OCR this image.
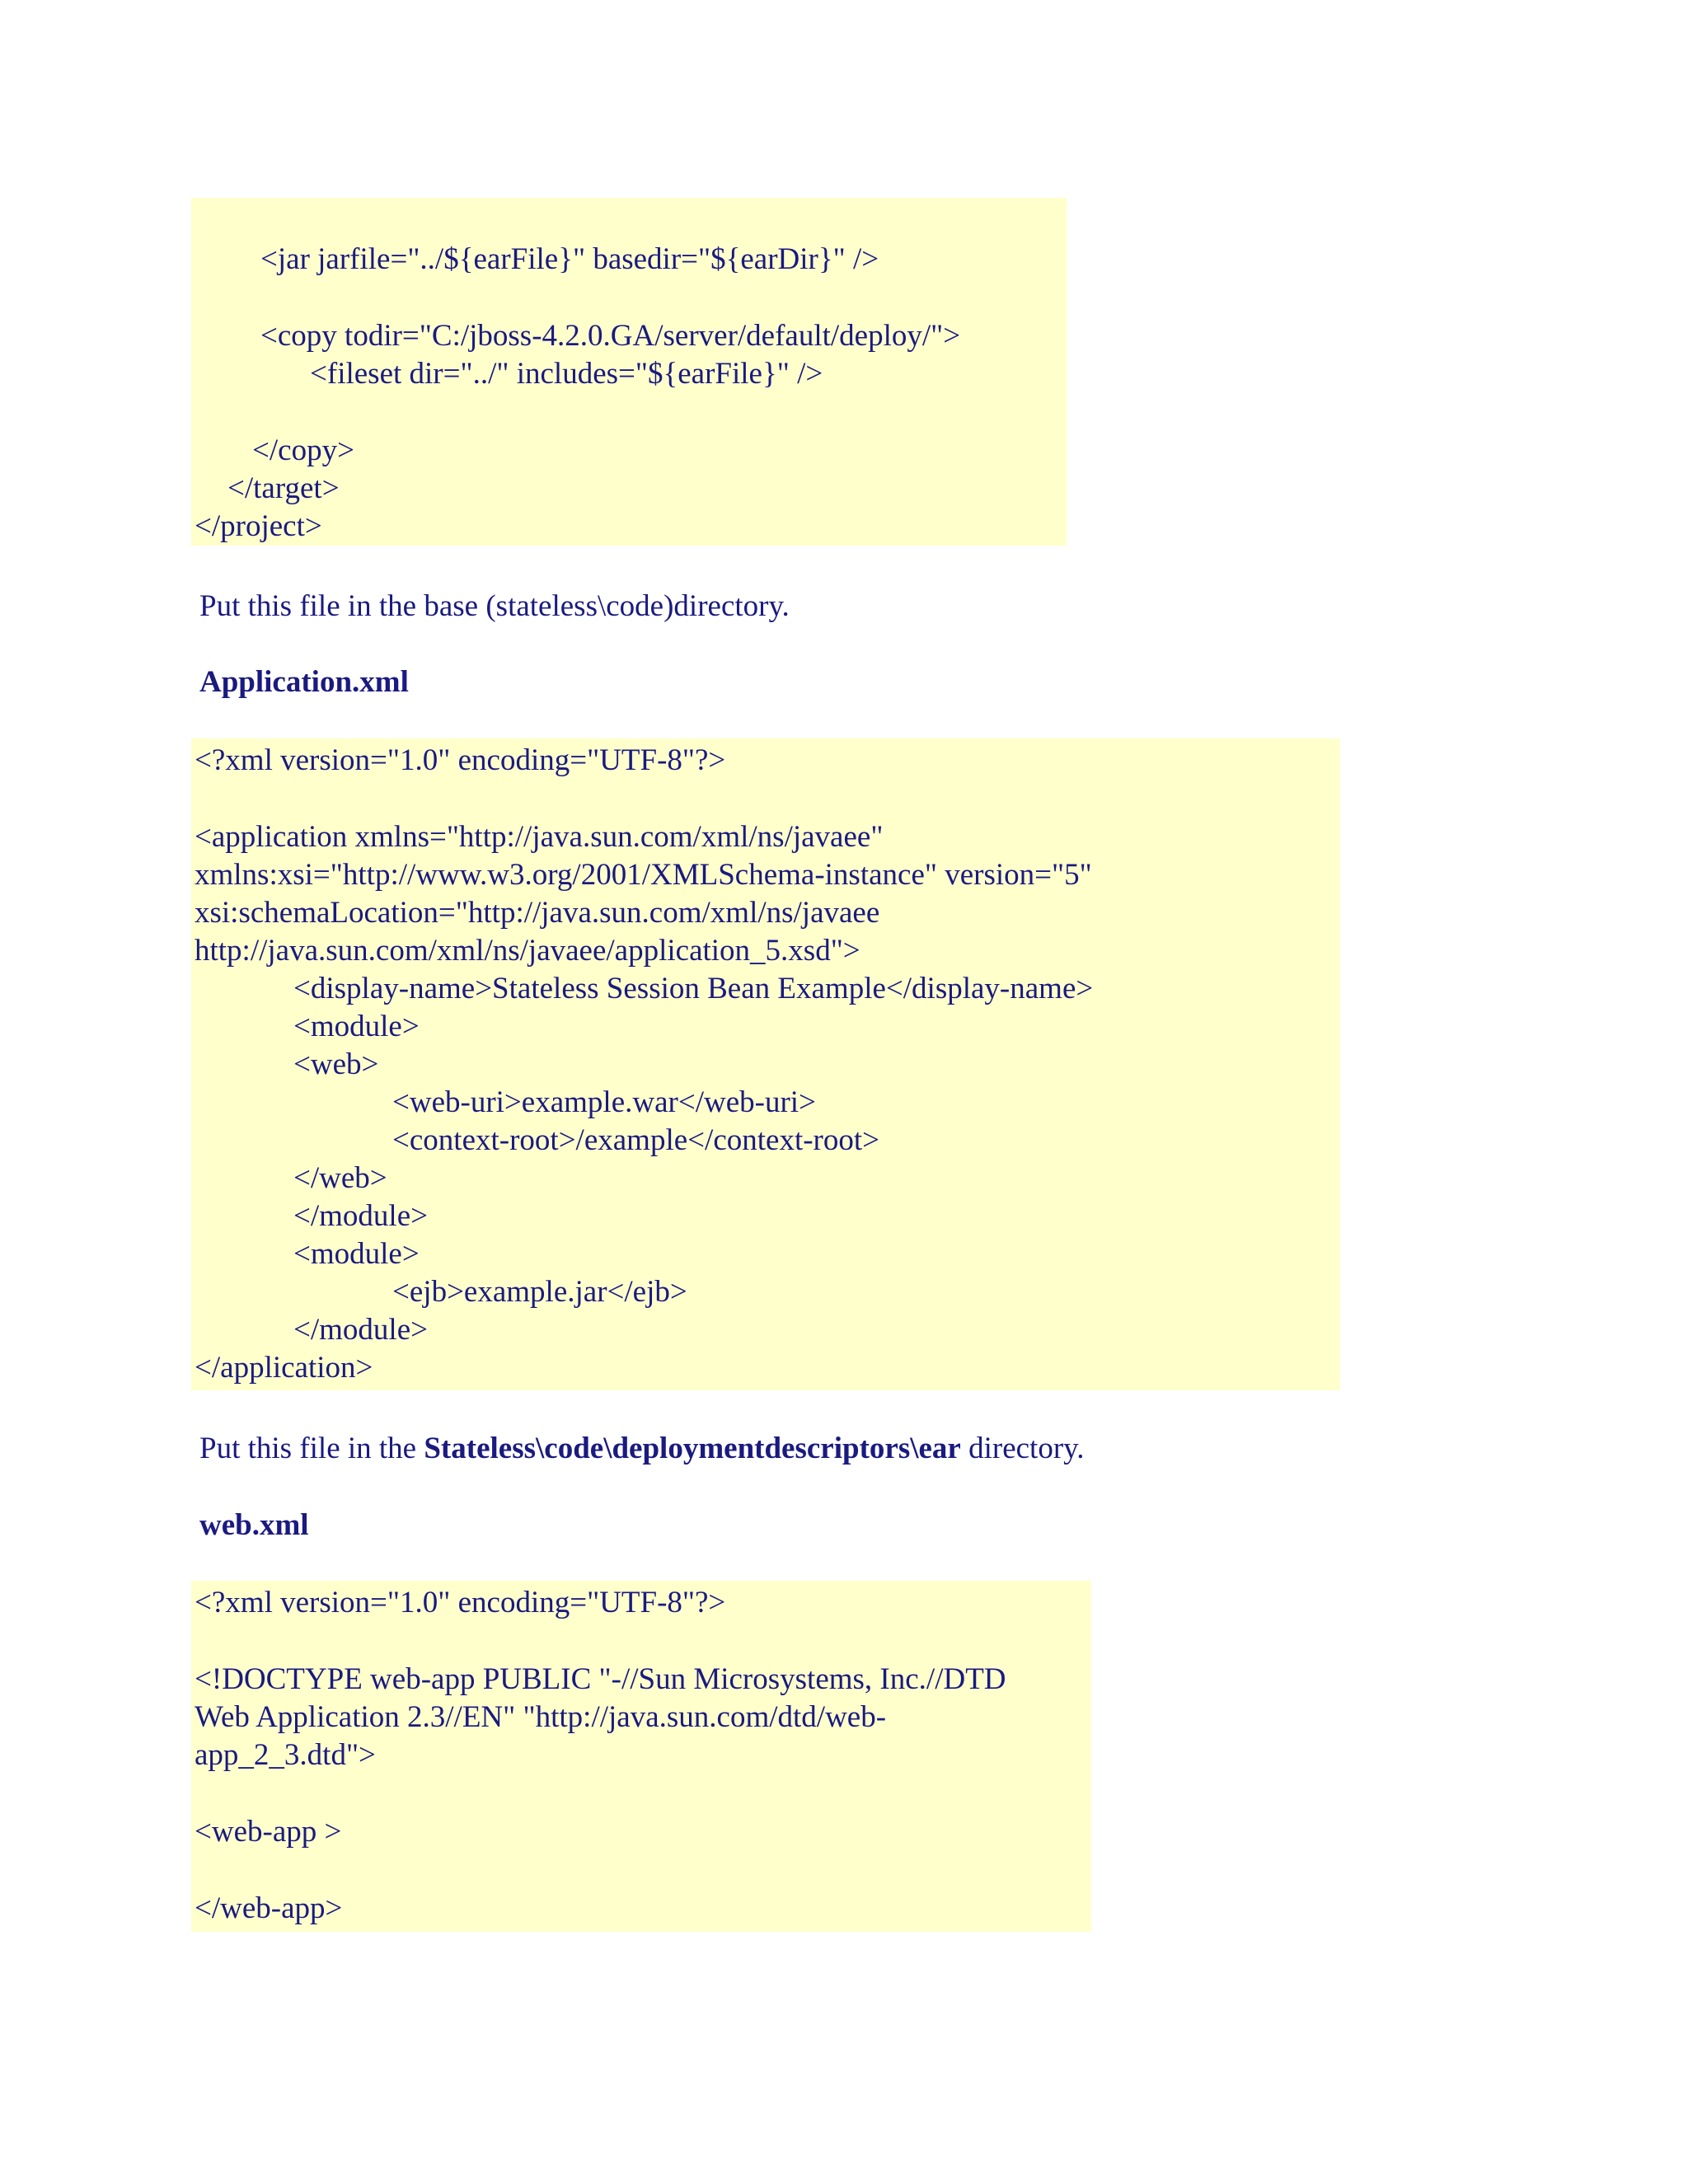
<jar jarfile="../${earFile}" basedir="${earDir}" />
<copy todir="C:/jboss-4.2.0.GA/server/default/deploy/">
<fileset dir="../" includes="${earFile}" />
</copy>
</target>
</project>
Put this file in the base (stateless\code)directory.
Application.xml
<?xml version="1.0" encoding="UTF-8"?>
<application xmlns="http://java.sun.com/xml/ns/javaee"
xmlns:xsi="http://www.w3.org/2001/XMLSchema-instance" version="5"
xsi:schemaLocation="http://java.sun.com/xml/ns/javaee
http://java.sun.com/xml/ns/javaee/application_5.xsd">
<display-name>Stateless Session Bean Example</display-name>
<module>
<web>
<web-uri>example.war</web-uri>
<context-root>/example</context-root>
</web>
</module>
<module>
<ejb>example.jar</ejb>
</module>
</application>
Put this file in the Stateless\code\deploymentdescriptors\ear directory.
web.xml
<?xml version="1.0" encoding="UTF-8"?>
<!DOCTYPE web-app PUBLIC "-//Sun Microsystems, Inc.//DTD
Web Application 2.3//EN" "http://java.sun.com/dtd/web-
app_2_3.dtd">
<web-app >
</web-app>
